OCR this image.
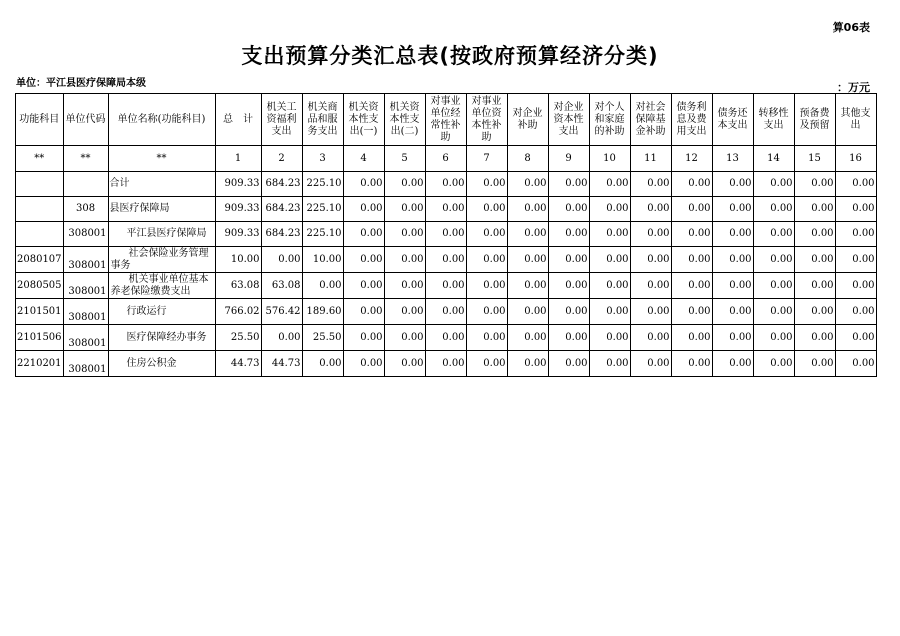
算06表
支出预算分类汇总表(按政府预算经济分类)
单位：平江县医疗保障局本级	：万元
功能科目	单位代码	单位名称(功能科目)	总　计	机关工资福利支出	机关商品和服务支出	机关资本性支出(一)	机关资本性支出(二)	对事业单位经常性补助	对事业单位资本性补助	对企业补助	对企业资本性支出	对个人和家庭的补助	对社会保障基金补助	债务利息及费用支出	债务还本支出	转移性支出	预备费及预留	其他支出
**	**	**	1	2	3	4	5	6	7	8	9	10	11	12	13	14	15	16
		合计	909.33	684.23	225.10	0.00	0.00	0.00	0.00	0.00	0.00	0.00	0.00	0.00	0.00	0.00	0.00	0.00
	308	县医疗保障局	909.33	684.23	225.10	0.00	0.00	0.00	0.00	0.00	0.00	0.00	0.00	0.00	0.00	0.00	0.00	0.00
	308001	平江县医疗保障局	909.33	684.23	225.10	0.00	0.00	0.00	0.00	0.00	0.00	0.00	0.00	0.00	0.00	0.00	0.00	0.00
2080107	308001	社会保险业务管理事务	10.00	0.00	10.00	0.00	0.00	0.00	0.00	0.00	0.00	0.00	0.00	0.00	0.00	0.00	0.00	0.00
2080505	308001	机关事业单位基本养老保险缴费支出	63.08	63.08	0.00	0.00	0.00	0.00	0.00	0.00	0.00	0.00	0.00	0.00	0.00	0.00	0.00	0.00
2101501	308001	行政运行	766.02	576.42	189.60	0.00	0.00	0.00	0.00	0.00	0.00	0.00	0.00	0.00	0.00	0.00	0.00	0.00
2101506	308001	医疗保障经办事务	25.50	0.00	25.50	0.00	0.00	0.00	0.00	0.00	0.00	0.00	0.00	0.00	0.00	0.00	0.00	0.00
2210201	308001	住房公积金	44.73	44.73	0.00	0.00	0.00	0.00	0.00	0.00	0.00	0.00	0.00	0.00	0.00	0.00	0.00	0.00
